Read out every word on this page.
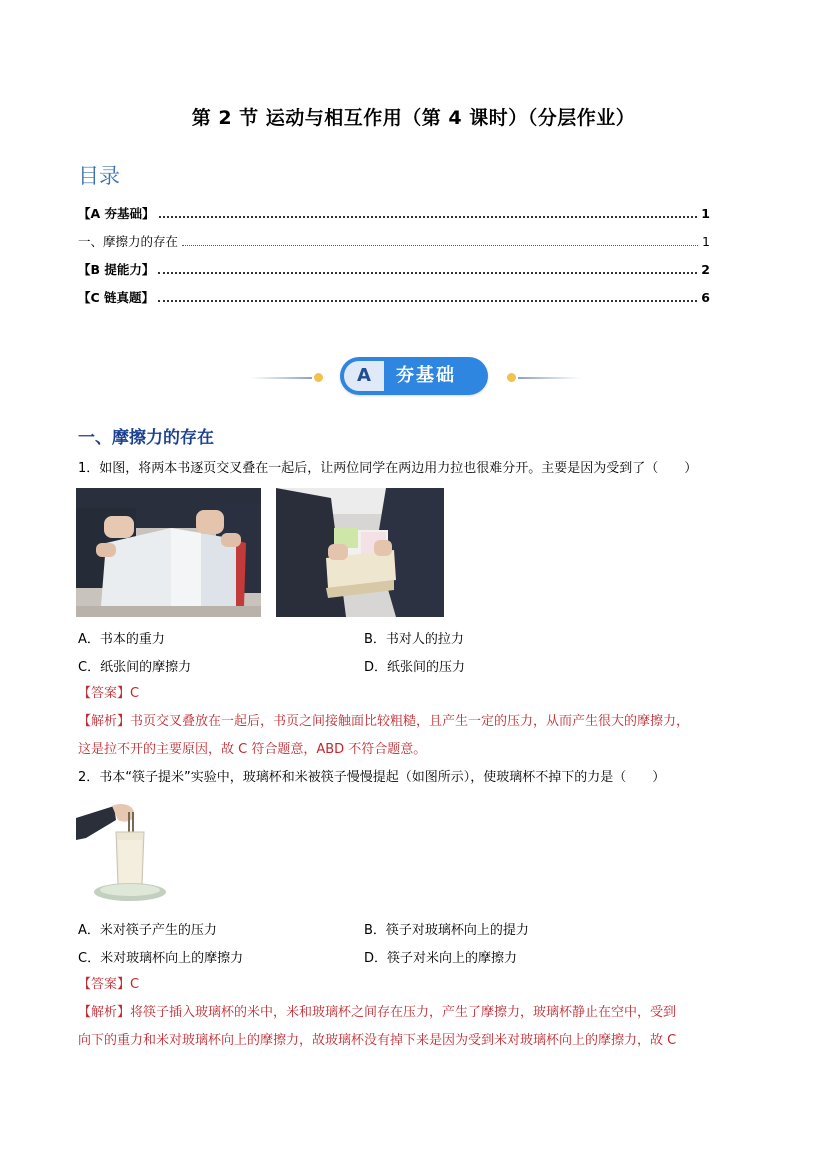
第 2 节 运动与相互作用（第 4 课时）（分层作业）
目录
【A 夯基础】	1
一、摩擦力的存在	1
【B 提能力】	2
【C 链真题】	6
A	夯基础
一、摩擦力的存在
1．如图，将两本书逐页交叉叠在一起后，让两位同学在两边用力拉也很难分开。主要是因为受到了（　　）
A．书本的重力	B．书对人的拉力
C．纸张间的摩擦力	D．纸张间的压力
【答案】C
【解析】书页交叉叠放在一起后，书页之间接触面比较粗糙，且产生一定的压力，从而产生很大的摩擦力，
这是拉不开的主要原因，故 C 符合题意，ABD 不符合题意。
2．书本“筷子提米”实验中，玻璃杯和米被筷子慢慢提起（如图所示），使玻璃杯不掉下的力是（　　）
A．米对筷子产生的压力	B．筷子对玻璃杯向上的提力
C．米对玻璃杯向上的摩擦力	D．筷子对米向上的摩擦力
【答案】C
【解析】将筷子插入玻璃杯的米中，米和玻璃杯之间存在压力，产生了摩擦力，玻璃杯静止在空中，受到
向下的重力和米对玻璃杯向上的摩擦力，故玻璃杯没有掉下来是因为受到米对玻璃杯向上的摩擦力，故 C
